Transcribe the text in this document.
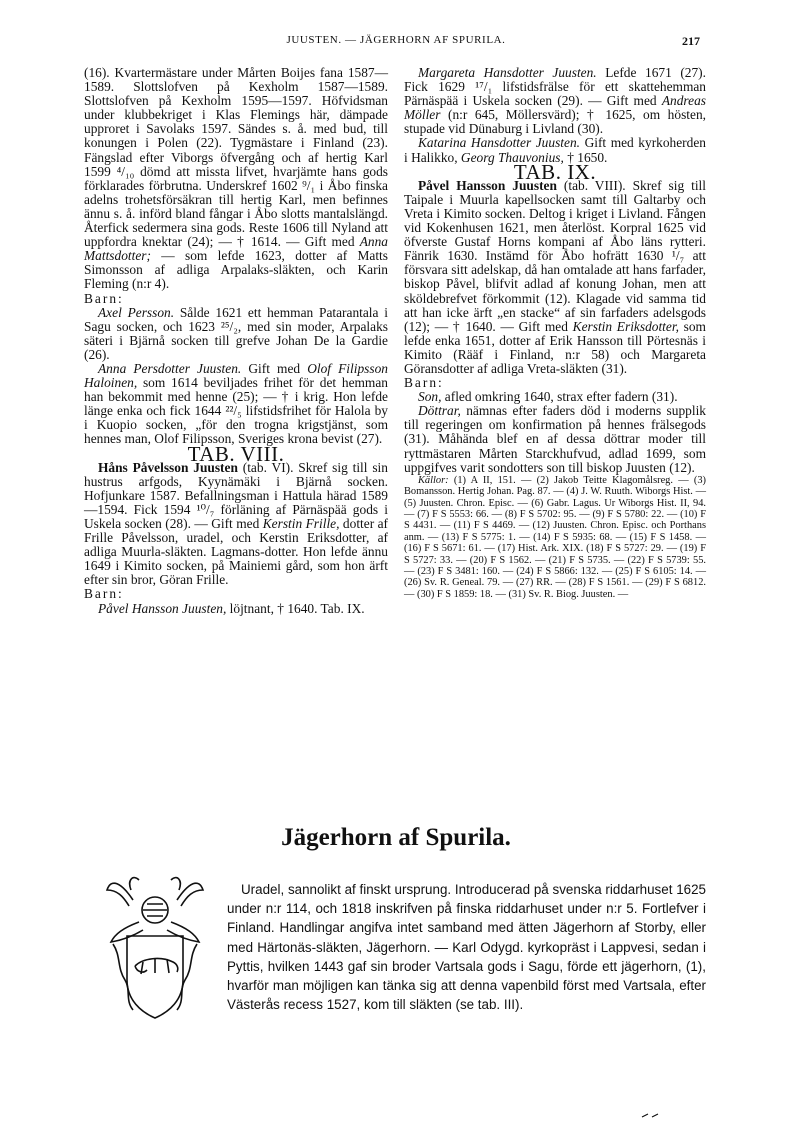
JUUSTEN. — JÄGERHORN AF SPURILA.	217

(16). Kvartermästare under Mårten Boijes fana 1587—1589. Slottslofven på Kexholm 1587—1589. Slottslofven på Kexholm 1595—1597. Höfvidsman under klubbekriget i Klas Flemings här, dämpade upproret i Savolaks 1597. Sändes s. å. med bud, till konungen i Polen (22). Tygmästare i Finland (23). Fängslad efter Viborgs öfvergång och af hertig Karl 1599 ⁴/₁₀ dömd att missta lifvet, hvarjämte hans gods förklarades förbrutna. Underskref 1602 ⁹/₁ i Åbo finska adelns trohetsförsäkran till hertig Karl, men befinnes ännu s. å. införd bland fångar i Åbo slotts mantalslängd. Återfick sedermera sina gods. Reste 1606 till Nyland att uppfordra knektar (24); — † 1614. — Gift med Anna Mattsdotter; — som lefde 1623, dotter af Matts Simonsson af adliga Arpalaks-släkten, och Karin Fleming (n:r 4).

Barn:

Axel Persson. Sålde 1621 ett hemman Patarantala i Sagu socken, och 1623 ²⁵/₂, med sin moder, Arpalaks säteri i Bjärnå socken till grefve Johan De la Gardie (26).

Anna Persdotter Juusten. Gift med Olof Filipsson Haloinen, som 1614 beviljades frihet för det hemman han bekommit med henne (25); — † i krig. Hon lefde länge enka och fick 1644 ²²/₅ lifstidsfrihet för Halola by i Kuopio socken, „för den trogna krigstjänst, som hennes man, Olof Filipsson, Sveriges krona bevist (27).

TAB. VIII.

Håns Påvelsson Juusten (tab. VI). Skref sig till sin hustrus arfgods, Kyynämäki i Bjärnå socken. Hofjunkare 1587. Befallningsman i Hattula härad 1589—1594. Fick 1594 ¹⁰/₇ förläning af Pärnäspää gods i Uskela socken (28). — Gift med Kerstin Frille, dotter af Frille Påvelsson, uradel, och Kerstin Eriksdotter, af adliga Muurla-släkten. Lagmans-dotter. Hon lefde ännu 1649 i Kimito socken, på Mainiemi gård, som hon ärft efter sin bror, Göran Frille.

Barn:

Påvel Hansson Juusten, löjtnant, † 1640. Tab. IX.

Margareta Hansdotter Juusten. Lefde 1671 (27). Fick 1629 ¹⁷/₁ lifstidsfrälse för ett skattehemman Pärnäspää i Uskela socken (29). — Gift med Andreas Möller (n:r 645, Möllersvärd); † 1625, om hösten, stupade vid Dünaburg i Livland (30).

Katarina Hansdotter Juusten. Gift med kyrkoherden i Halikko, Georg Thauvonius, † 1650.

TAB. IX.

Påvel Hansson Juusten (tab. VIII). Skref sig till Taipale i Muurla kapellsocken samt till Galtarby och Vreta i Kimito socken. Deltog i kriget i Livland. Fången vid Kokenhusen 1621, men återlöst. Korpral 1625 vid öfverste Gustaf Horns kompani af Åbo läns rytteri. Fänrik 1630. Instämd för Åbo hofrätt 1630 ¹/₇ att försvara sitt adelskap, då han omtalade att hans farfader, biskop Påvel, blifvit adlad af konung Johan, men att sköldebrefvet förkommit (12). Klagade vid samma tid att han icke ärft „en stacke“ af sin farfaders adelsgods (12); — † 1640. — Gift med Kerstin Eriksdotter, som lefde enka 1651, dotter af Erik Hansson till Pörtesnäs i Kimito (Rääf i Finland, n:r 58) och Margareta Göransdotter af adliga Vreta-släkten (31).

Barn:

Son, afled omkring 1640, strax efter fadern (31).

Döttrar, nämnas efter faders död i moderns supplik till regeringen om konfirmation på hennes frälsegods (31). Måhända blef en af dessa döttrar moder till ryttmästaren Mårten Starckhufvud, adlad 1699, som uppgifves varit sondotters son till biskop Juusten (12).

Källor: (1) A II, 151. — (2) Jakob Teitte Klagomålsreg. — (3) Bomansson. Hertig Johan. Pag. 87. — (4) J. W. Ruuth. Wiborgs Hist. — (5) Juusten. Chron. Episc. — (6) Gabr. Lagus. Ur Wiborgs Hist. II, 94. — (7) F S 5553: 66. — (8) F S 5702: 95. — (9) F S 5780: 22. — (10) F S 4431. — (11) F S 4469. — (12) Juusten. Chron. Episc. och Porthans anm. — (13) F S 5775: 1. — (14) F S 5935: 68. — (15) F S 1458. — (16) F S 5671: 61. — (17) Hist. Ark. XIX. (18) F S 5727: 29. — (19) F S 5727: 33. — (20) F S 1562. — (21) F S 5735. — (22) F S 5739: 55. — (23) F S 3481: 160. — (24) F S 5866: 132. — (25) F S 6105: 14. — (26) Sv. R. Geneal. 79. — (27) RR. — (28) F S 1561. — (29) F S 6812. — (30) F S 1859: 18. — (31) Sv. R. Biog. Juusten. —

Jägerhorn af Spurila.

Uradel, sannolikt af finskt ursprung. Introducerad på svenska riddarhuset 1625 under n:r 114, och 1818 inskrifven på finska riddarhuset under n:r 5. Fortlefver i Finland. Handlingar angifva intet samband med ätten Jägerhorn af Storby, eller med Härtonäs-släkten, Jägerhorn. — Karl Odygd. kyrkopräst i Lappvesi, sedan i Pyttis, hvilken 1443 gaf sin broder Vartsala gods i Sagu, förde ett jägerhorn, (1), hvarför man möjligen kan tänka sig att denna vapenbild först med Vartsala, efter Västerås recess 1527, kom till släkten (se tab. III).
